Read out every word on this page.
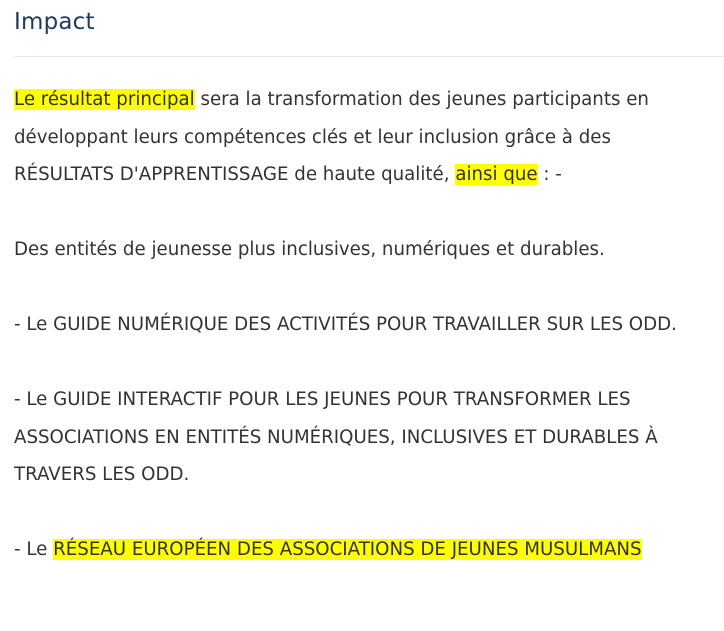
Impact

Le résultat principal sera la transformation des jeunes participants en développant leurs compétences clés et leur inclusion grâce à des RÉSULTATS D'APPRENTISSAGE de haute qualité, ainsi que : -

Des entités de jeunesse plus inclusives, numériques et durables.

- Le GUIDE NUMÉRIQUE DES ACTIVITÉS POUR TRAVAILLER SUR LES ODD.

- Le GUIDE INTERACTIF POUR LES JEUNES POUR TRANSFORMER LES ASSOCIATIONS EN ENTITÉS NUMÉRIQUES, INCLUSIVES ET DURABLES À TRAVERS LES ODD.

- Le RÉSEAU EUROPÉEN DES ASSOCIATIONS DE JEUNES MUSULMANS
